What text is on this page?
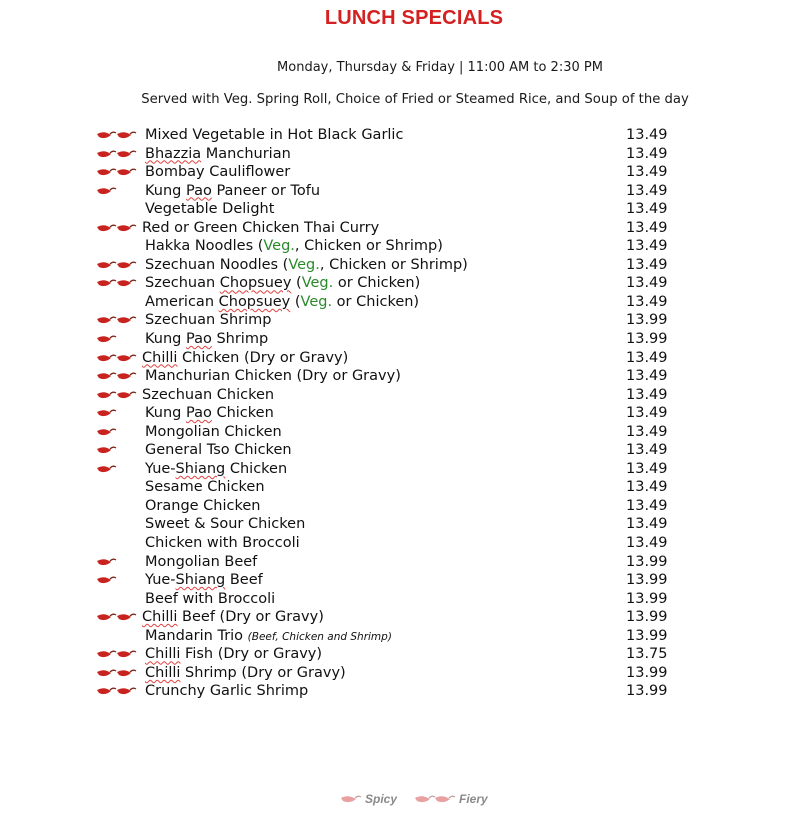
LUNCH SPECIALS
Monday, Thursday & Friday | 11:00 AM to 2:30 PM
Served with Veg. Spring Roll, Choice of Fried or Steamed Rice, and Soup of the day
Mixed Vegetable in Hot Black Garlic	13.49
Bhazzia Manchurian	13.49
Bombay Cauliflower	13.49
Kung Pao Paneer or Tofu	13.49
Vegetable Delight	13.49
Red or Green Chicken Thai Curry	13.49
Hakka Noodles (Veg., Chicken or Shrimp)	13.49
Szechuan Noodles (Veg., Chicken or Shrimp)	13.49
Szechuan Chopsuey (Veg. or Chicken)	13.49
American Chopsuey (Veg. or Chicken)	13.49
Szechuan Shrimp	13.99
Kung Pao Shrimp	13.99
Chilli Chicken (Dry or Gravy)	13.49
Manchurian Chicken (Dry or Gravy)	13.49
Szechuan Chicken	13.49
Kung Pao Chicken	13.49
Mongolian Chicken	13.49
General Tso Chicken	13.49
Yue-Shiang Chicken	13.49
Sesame Chicken	13.49
Orange Chicken	13.49
Sweet & Sour Chicken	13.49
Chicken with Broccoli	13.49
Mongolian Beef	13.99
Yue-Shiang Beef	13.99
Beef with Broccoli	13.99
Chilli Beef (Dry or Gravy)	13.99
Mandarin Trio (Beef, Chicken and Shrimp)	13.99
Chilli Fish (Dry or Gravy)	13.75
Chilli Shrimp (Dry or Gravy)	13.99
Crunchy Garlic Shrimp	13.99
Spicy	Fiery
